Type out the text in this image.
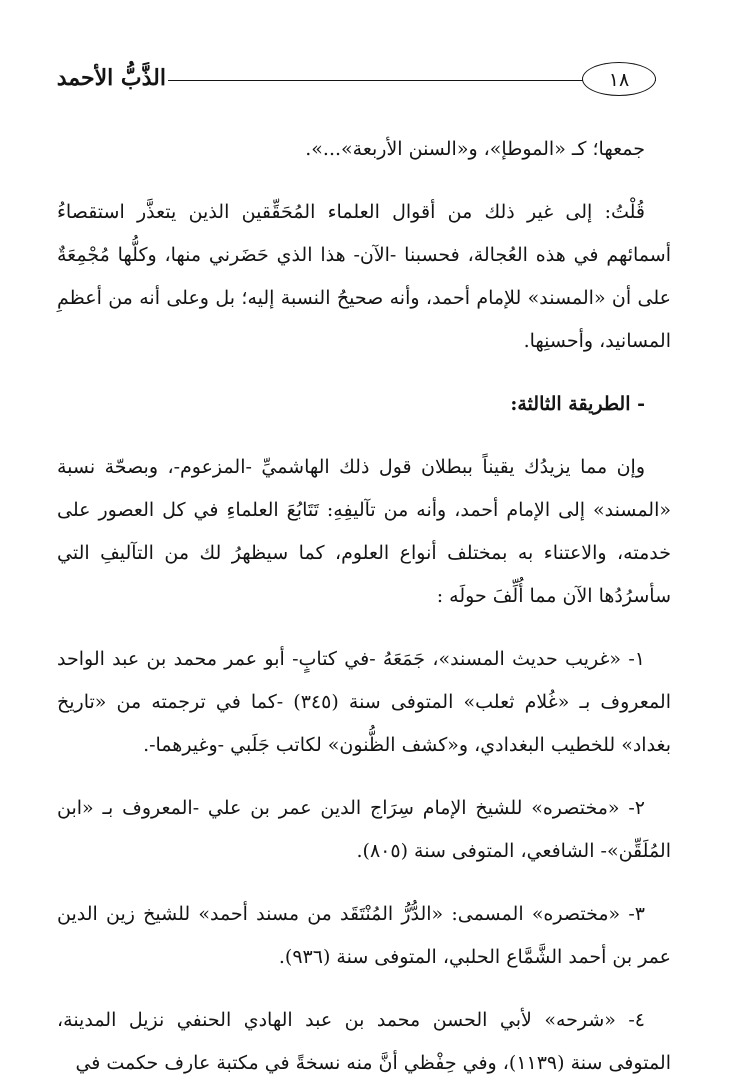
الذَّبُّ الأحمد	١٨

جمعها؛ كـ «الموطإ»، و«السنن الأربعة»...».

قُلْتُ: إلى غير ذلك من أقوال العلماء المُحَقِّقين الذين يتعذَّر استقصاءُ أسمائهم في هذه العُجالة، فحسبنا -الآن- هذا الذي حَضَرني منها، وكلُّها مُجْمِعَةٌ على أن «المسند» للإمام أحمد، وأنه صحيحُ النسبة إليه؛ بل وعلى أنه من أعظمِ المسانيد، وأحسنِها.

- الطريقة الثالثة:

وإن مما يزيدُك يقيناً ببطلان قول ذلك الهاشميِّ -المزعوم-، وبصحّة نسبة «المسند» إلى الإمام أحمد، وأنه من تآليفِهِ: تَتَابُعَ العلماءِ في كل العصور على خدمته، والاعتناء به بمختلف أنواع العلوم، كما سيظهرُ لك من التآليفِ التي سأسرُدُها الآن مما أُلِّفَ حولَه :

١- «غريب حديث المسند»، جَمَعَهُ -في كتابٍ- أبو عمر محمد بن عبد الواحد المعروف بـ «غُلام ثعلب» المتوفى سنة (٣٤٥) -كما في ترجمته من «تاريخ بغداد» للخطيب البغدادي، و«كشف الظُّنون» لكاتب جَلَبي -وغيرهما-.

٢- «مختصره» للشيخ الإمام سِرَاج الدين عمر بن علي -المعروف بـ «ابن المُلَقِّن»- الشافعي، المتوفى سنة (٨٠٥).

٣- «مختصره» المسمى: «الدُّرُّ المُنْتَقَد من مسند أحمد» للشيخ زين الدين عمر بن أحمد الشَّمَّاع الحلبي، المتوفى سنة (٩٣٦).

٤- «شرحه» لأبي الحسن محمد بن عبد الهادي الحنفي نزيل المدينة، المتوفى سنة (١١٣٩)، وفي حِفْظي أنَّ منه نسخةً في مكتبة عارف حكمت في
